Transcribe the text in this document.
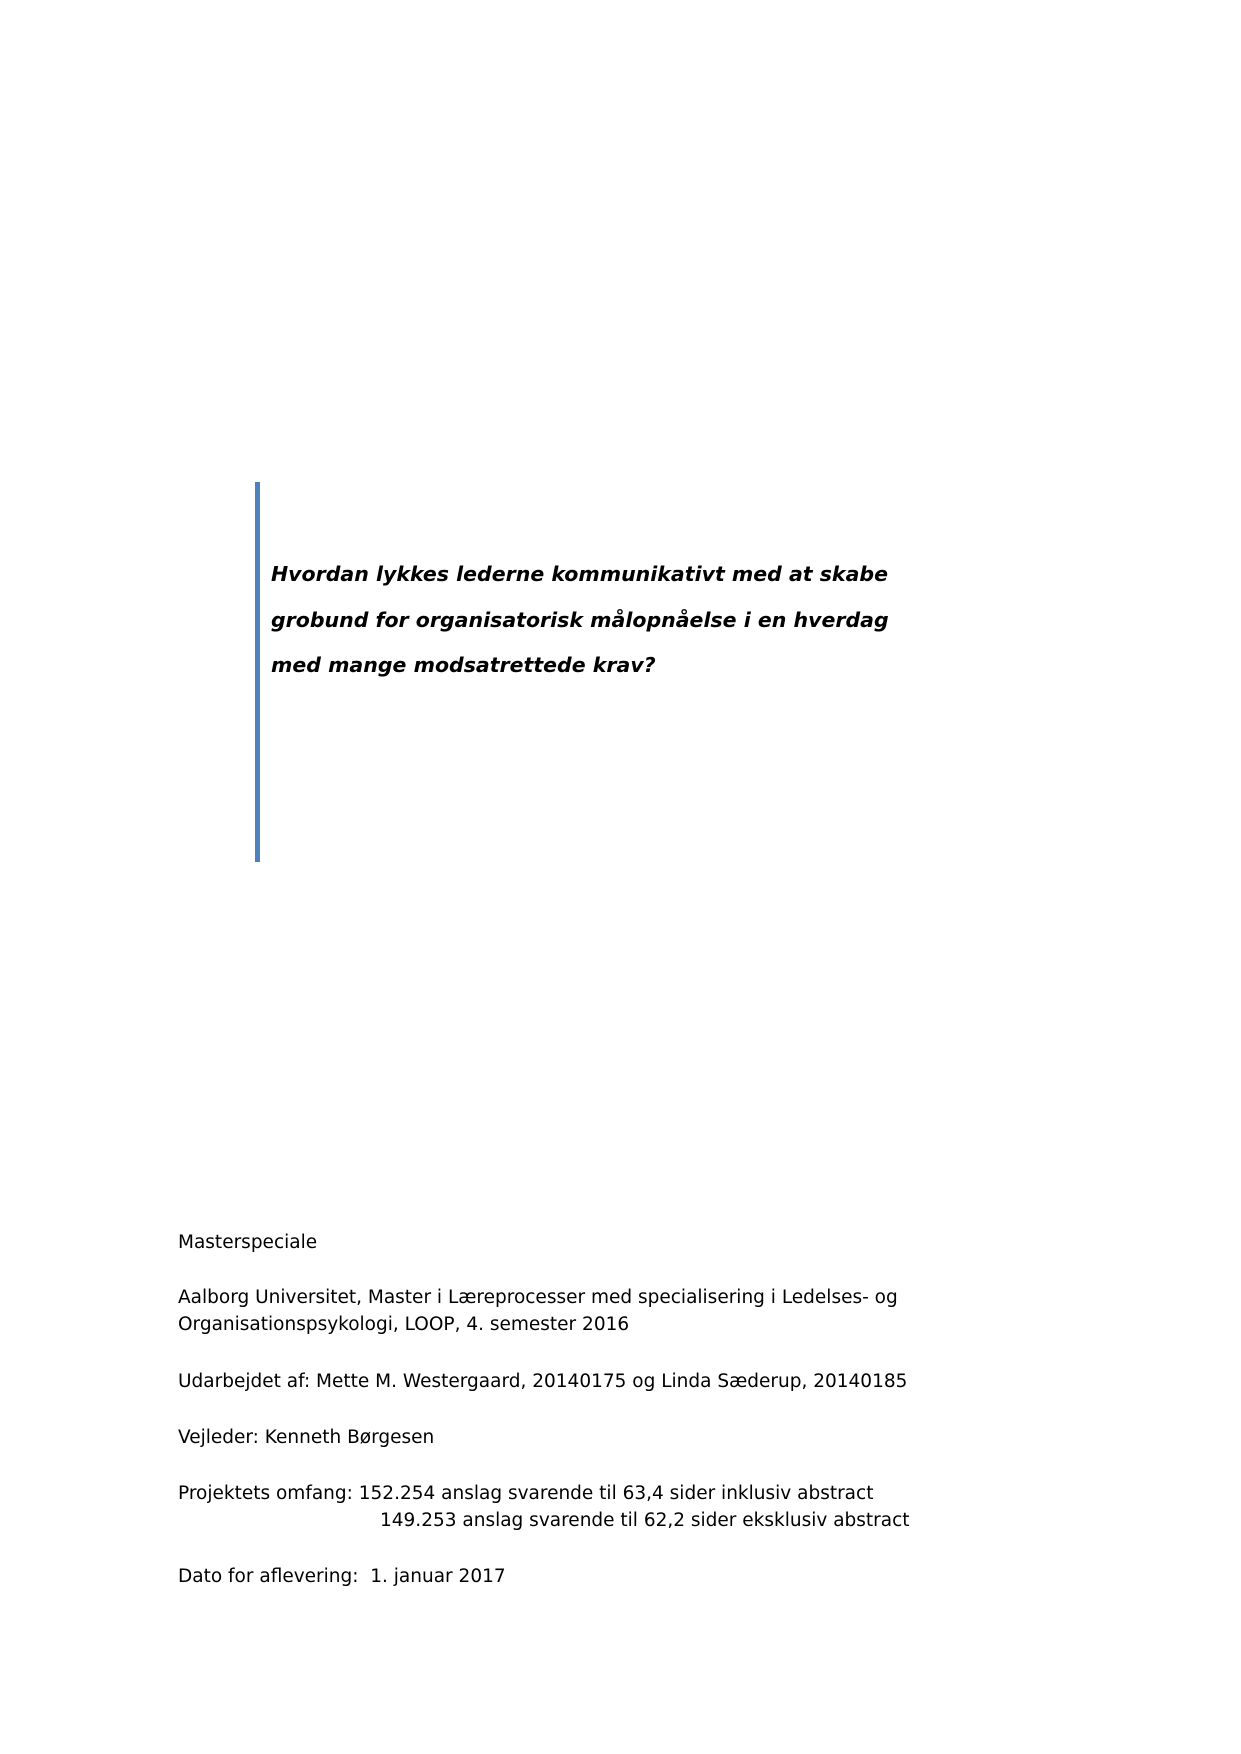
Hvordan lykkes lederne kommunikativt med at skabe
grobund for organisatorisk målopnåelse i en hverdag
med mange modsatrettede krav?
Masterspeciale
Aalborg Universitet, Master i Læreprocesser med specialisering i Ledelses- og
Organisationspsykologi, LOOP, 4. semester 2016
Udarbejdet af: Mette M. Westergaard, 20140175 og Linda Sæderup, 20140185
Vejleder: Kenneth Børgesen
Projektets omfang: 152.254 anslag svarende til 63,4 sider inklusiv abstract
149.253 anslag svarende til 62,2 sider eksklusiv abstract
Dato for aflevering:  1. januar 2017
